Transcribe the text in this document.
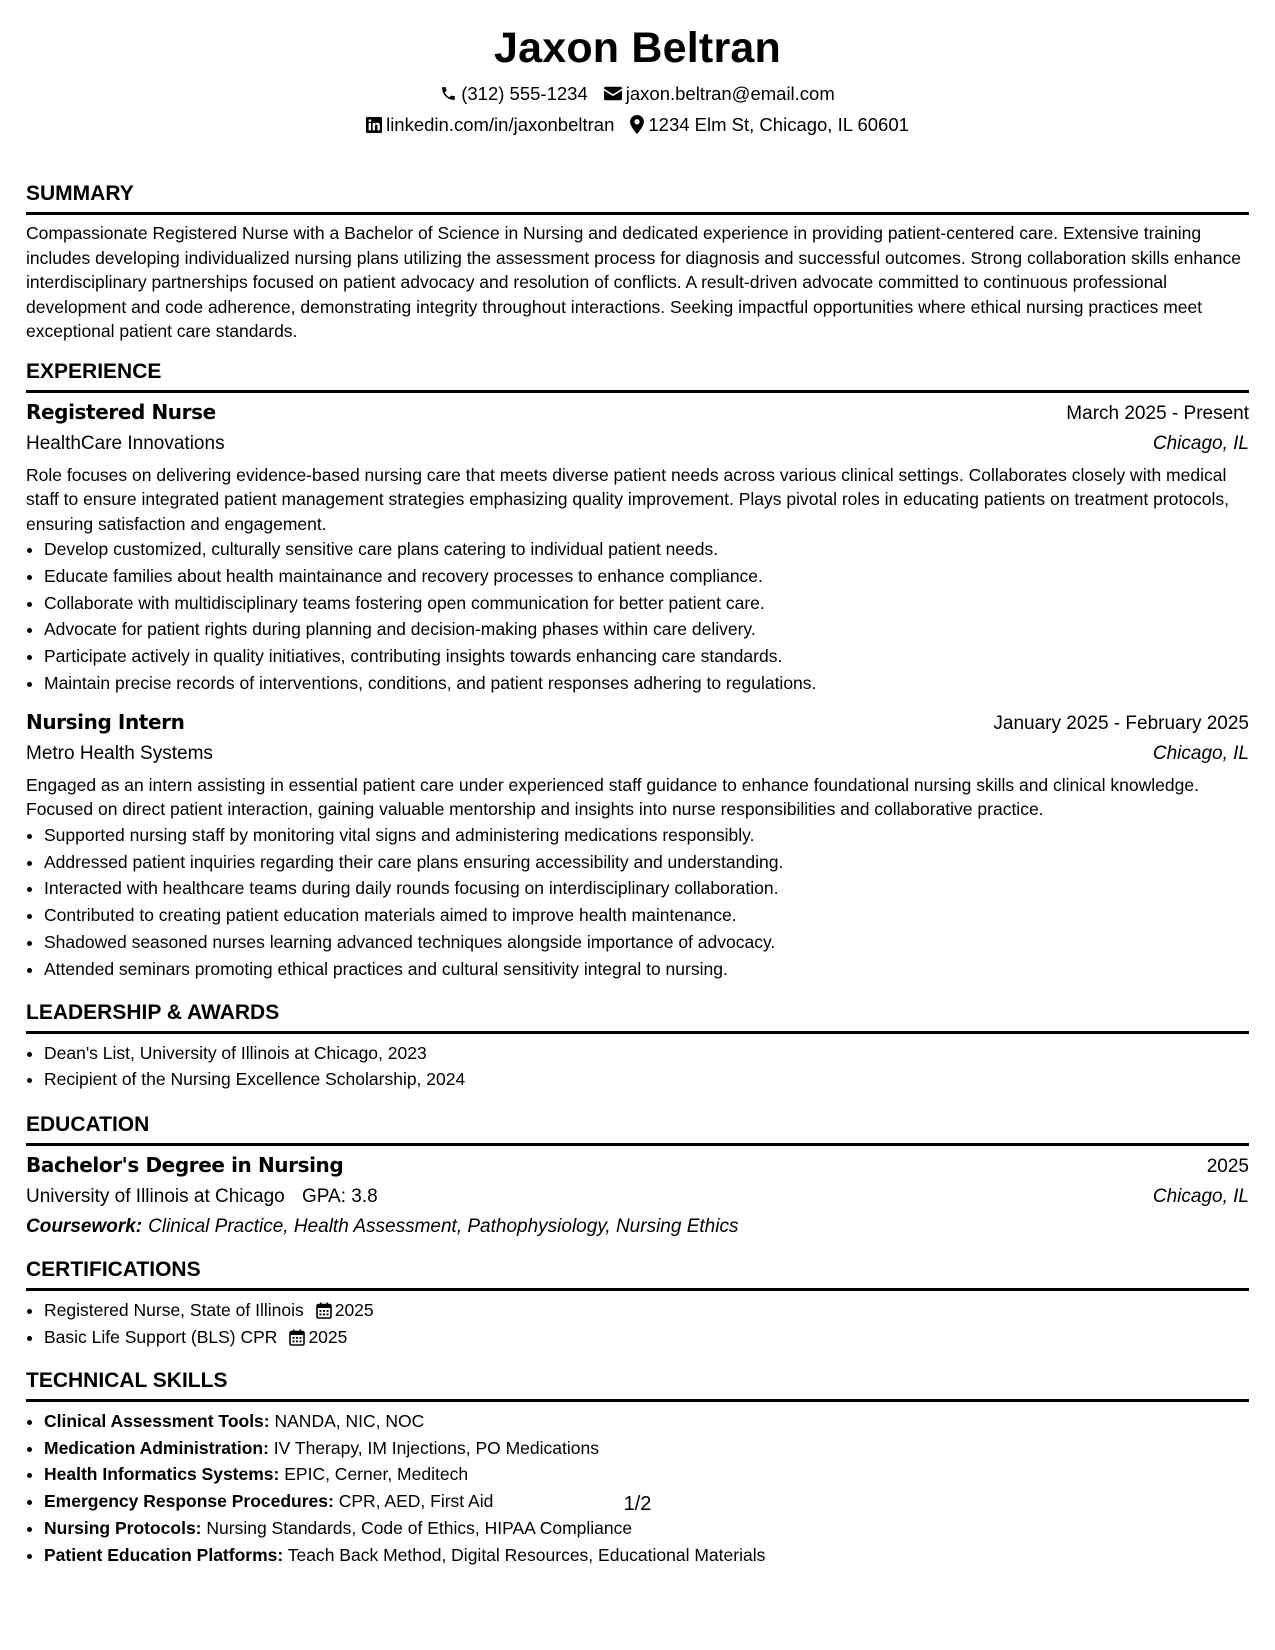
Jaxon Beltran
(312) 555-1234 jaxon.beltran@email.com
linkedin.com/in/jaxonbeltran 1234 Elm St, Chicago, IL 60601
SUMMARY

Compassionate Registered Nurse with a Bachelor of Science in Nursing and dedicated experience in providing patient-centered care. Extensive training includes developing individualized nursing plans utilizing the assessment process for diagnosis and successful outcomes. Strong collaboration skills enhance interdisciplinary partnerships focused on patient advocacy and resolution of conflicts. A result-driven advocate committed to continuous professional development and code adherence, demonstrating integrity throughout interactions. Seeking impactful opportunities where ethical nursing practices meet exceptional patient care standards.

EXPERIENCE
Registered Nurse	March 2025 - Present
HealthCare Innovations	Chicago, IL

Role focuses on delivering evidence-based nursing care that meets diverse patient needs across various clinical settings. Collaborates closely with medical staff to ensure integrated patient management strategies emphasizing quality improvement. Plays pivotal roles in educating patients on treatment protocols, ensuring satisfaction and engagement.

• Develop customized, culturally sensitive care plans catering to individual patient needs.
• Educate families about health maintainance and recovery processes to enhance compliance.
• Collaborate with multidisciplinary teams fostering open communication for better patient care.
• Advocate for patient rights during planning and decision-making phases within care delivery.
• Participate actively in quality initiatives, contributing insights towards enhancing care standards.
• Maintain precise records of interventions, conditions, and patient responses adhering to regulations.
Nursing Intern	January 2025 - February 2025
Metro Health Systems	Chicago, IL

Engaged as an intern assisting in essential patient care under experienced staff guidance to enhance foundational nursing skills and clinical knowledge. Focused on direct patient interaction, gaining valuable mentorship and insights into nurse responsibilities and collaborative practice.

• Supported nursing staff by monitoring vital signs and administering medications responsibly.
• Addressed patient inquiries regarding their care plans ensuring accessibility and understanding.
• Interacted with healthcare teams during daily rounds focusing on interdisciplinary collaboration.
• Contributed to creating patient education materials aimed to improve health maintenance.
• Shadowed seasoned nurses learning advanced techniques alongside importance of advocacy.
• Attended seminars promoting ethical practices and cultural sensitivity integral to nursing.
LEADERSHIP & AWARDS
• Dean's List, University of Illinois at Chicago, 2023
• Recipient of the Nursing Excellence Scholarship, 2024
EDUCATION
Bachelor's Degree in Nursing	2025
University of Illinois at Chicago GPA: 3.8	Chicago, IL
Coursework: Clinical Practice, Health Assessment, Pathophysiology, Nursing Ethics
CERTIFICATIONS
• Registered Nurse, State of Illinois 2025
• Basic Life Support (BLS) CPR 2025
TECHNICAL SKILLS
• Clinical Assessment Tools: NANDA, NIC, NOC
• Medication Administration: IV Therapy, IM Injections, PO Medications
• Health Informatics Systems: EPIC, Cerner, Meditech
• Emergency Response Procedures: CPR, AED, First Aid
• Nursing Protocols: Nursing Standards, Code of Ethics, HIPAA Compliance
• Patient Education Platforms: Teach Back Method, Digital Resources, Educational Materials
1/2
